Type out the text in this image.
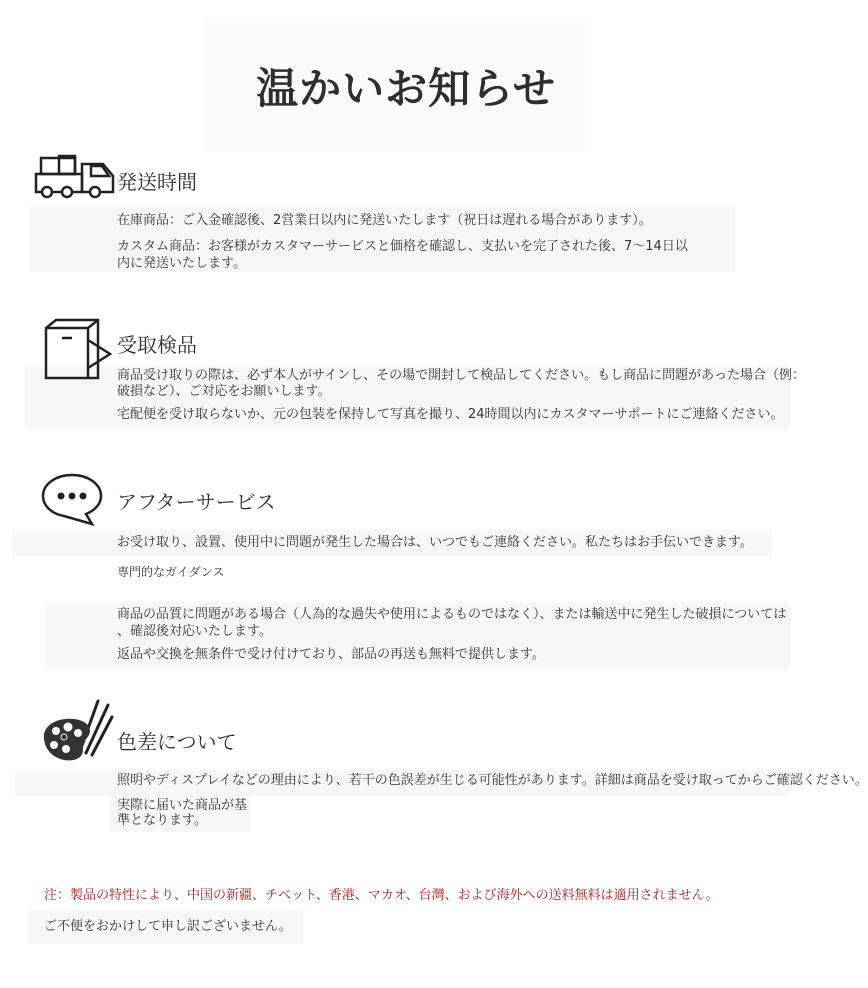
温かいお知らせ
発送時間
在庫商品：ご入金確認後、2営業日以内に発送いたします（祝日は遅れる場合があります）。
カスタム商品：お客様がカスタマーサービスと価格を確認し、支払いを完了された後、7〜14日以
内に発送いたします。
受取検品
商品受け取りの際は、必ず本人がサインし、その場で開封して検品してください。もし商品に問題があった場合（例：
破損など）、ご対応をお願いします。
宅配便を受け取らないか、元の包装を保持して写真を撮り、24時間以内にカスタマーサポートにご連絡ください。
アフターサービス
お受け取り、設置、使用中に問題が発生した場合は、いつでもご連絡ください。私たちはお手伝いできます。
専門的なガイダンス
商品の品質に問題がある場合（人為的な過失や使用によるものではなく）、または輸送中に発生した破損については
、確認後対応いたします。
返品や交換を無条件で受け付けており、部品の再送も無料で提供します。
色差について
照明やディスプレイなどの理由により、若干の色誤差が生じる可能性があります。詳細は商品を受け取ってからご確認ください。
実際に届いた商品が基
準となります。
注：製品の特性により、中国の新疆、チベット、香港、マカオ、台灣、および海外への送料無料は適用されません。
ご不便をおかけして申し訳ございません。
